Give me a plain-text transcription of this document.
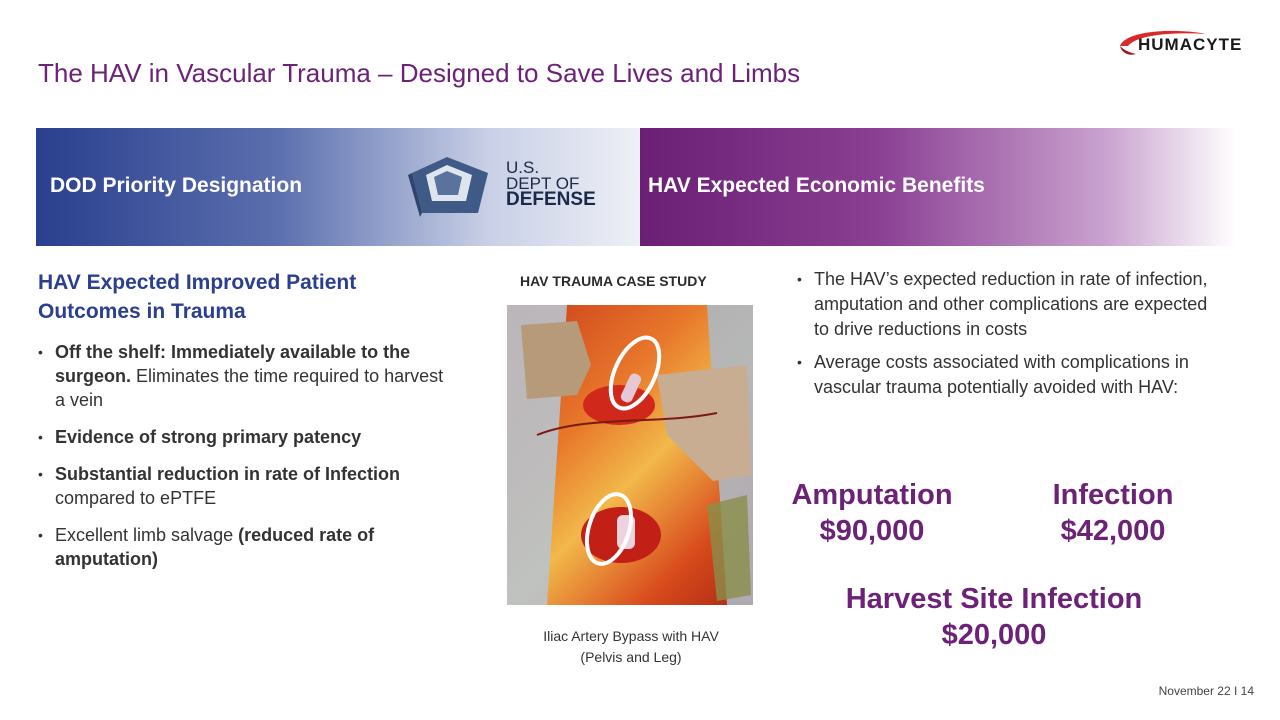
The HAV in Vascular Trauma – Designed to Save Lives and Limbs
HUMACYTE
DOD Priority Designation
U.S.
DEPT OF
DEFENSE
HAV Expected Economic Benefits
HAV Expected Improved Patient Outcomes in Trauma
• Off the shelf: Immediately available to the surgeon. Eliminates the time required to harvest a vein
• Evidence of strong primary patency
• Substantial reduction in rate of Infection compared to ePTFE
• Excellent limb salvage (reduced rate of amputation)
HAV TRAUMA CASE STUDY
Iliac Artery Bypass with HAV
(Pelvis and Leg)
• The HAV’s expected reduction in rate of infection, amputation and other complications are expected to drive reductions in costs
• Average costs associated with complications in vascular trauma potentially avoided with HAV:
Amputation
$90,000
Infection
$42,000
Harvest Site Infection
$20,000
November 22 I 14
